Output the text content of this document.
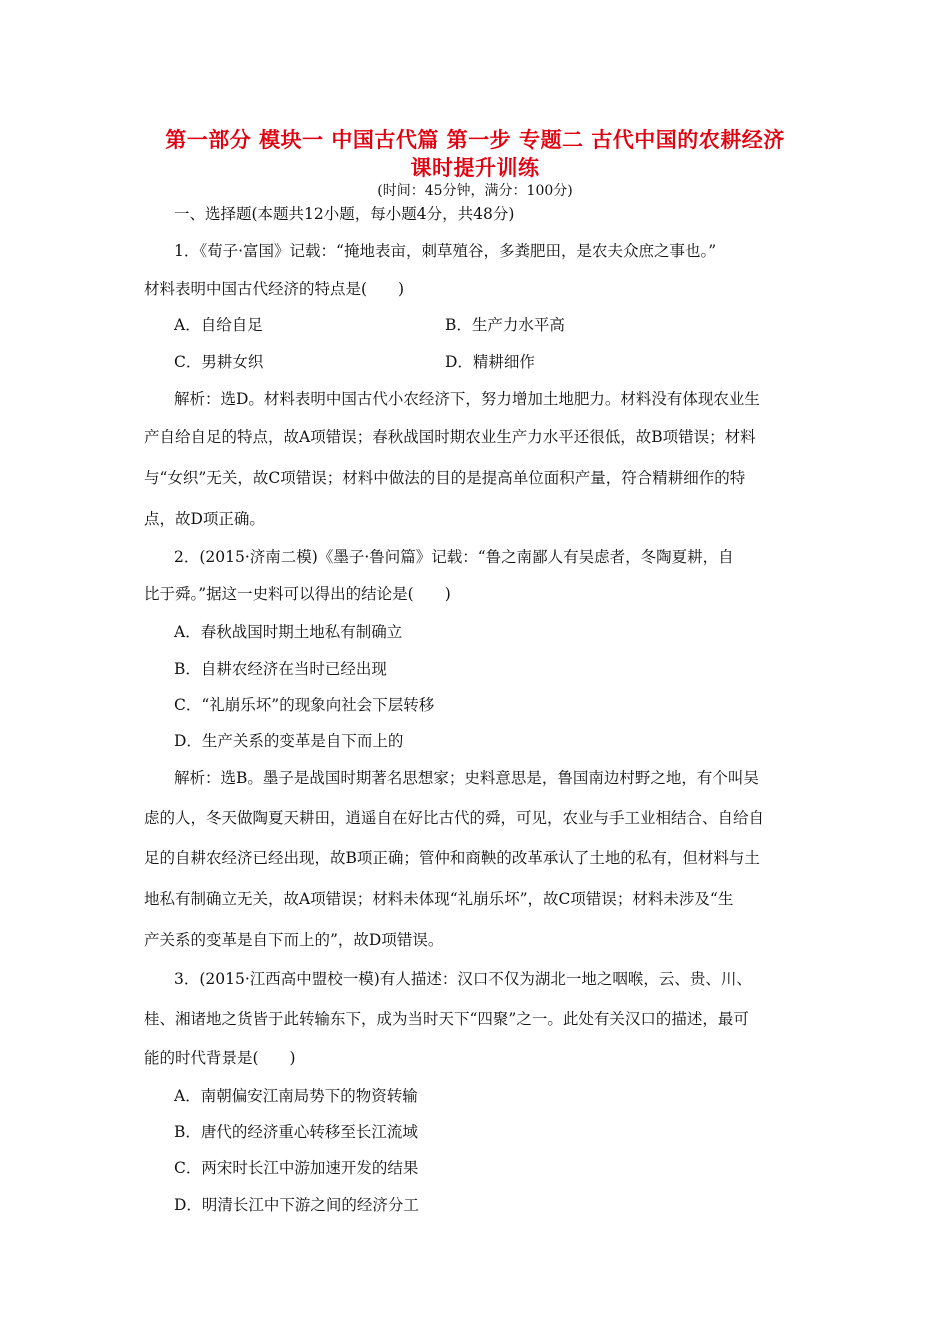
第一部分 模块一 中国古代篇 第一步 专题二 古代中国的农耕经济
课时提升训练
(时间：45分钟，满分：100分)
一、选择题(本题共12小题，每小题4分，共48分)
1．《荀子·富国》记载：“掩地表亩，刺草殖谷，多粪肥田，是农夫众庶之事也。”
材料表明中国古代经济的特点是(　　)
A．自给自足	B．生产力水平高
C．男耕女织	D．精耕细作
解析：选D。材料表明中国古代小农经济下，努力增加土地肥力。材料没有体现农业生
产自给自足的特点，故A项错误；春秋战国时期农业生产力水平还很低，故B项错误；材料
与“女织”无关，故C项错误；材料中做法的目的是提高单位面积产量，符合精耕细作的特
点，故D项正确。
2．(2015·济南二模)《墨子·鲁问篇》记载：“鲁之南鄙人有吴虑者，冬陶夏耕，自
比于舜。”据这一史料可以得出的结论是(　　)
A．春秋战国时期土地私有制确立
B．自耕农经济在当时已经出现
C．“礼崩乐坏”的现象向社会下层转移
D．生产关系的变革是自下而上的
解析：选B。墨子是战国时期著名思想家；史料意思是，鲁国南边村野之地，有个叫吴
虑的人，冬天做陶夏天耕田，逍遥自在好比古代的舜，可见，农业与手工业相结合、自给自
足的自耕农经济已经出现，故B项正确；管仲和商鞅的改革承认了土地的私有，但材料与土
地私有制确立无关，故A项错误；材料未体现“礼崩乐坏”，故C项错误；材料未涉及“生
产关系的变革是自下而上的”，故D项错误。
3．(2015·江西高中盟校一模)有人描述：汉口不仅为湖北一地之咽喉，云、贵、川、
桂、湘诸地之货皆于此转输东下，成为当时天下“四聚”之一。此处有关汉口的描述，最可
能的时代背景是(　　)
A．南朝偏安江南局势下的物资转输
B．唐代的经济重心转移至长江流域
C．两宋时长江中游加速开发的结果
D．明清长江中下游之间的经济分工
